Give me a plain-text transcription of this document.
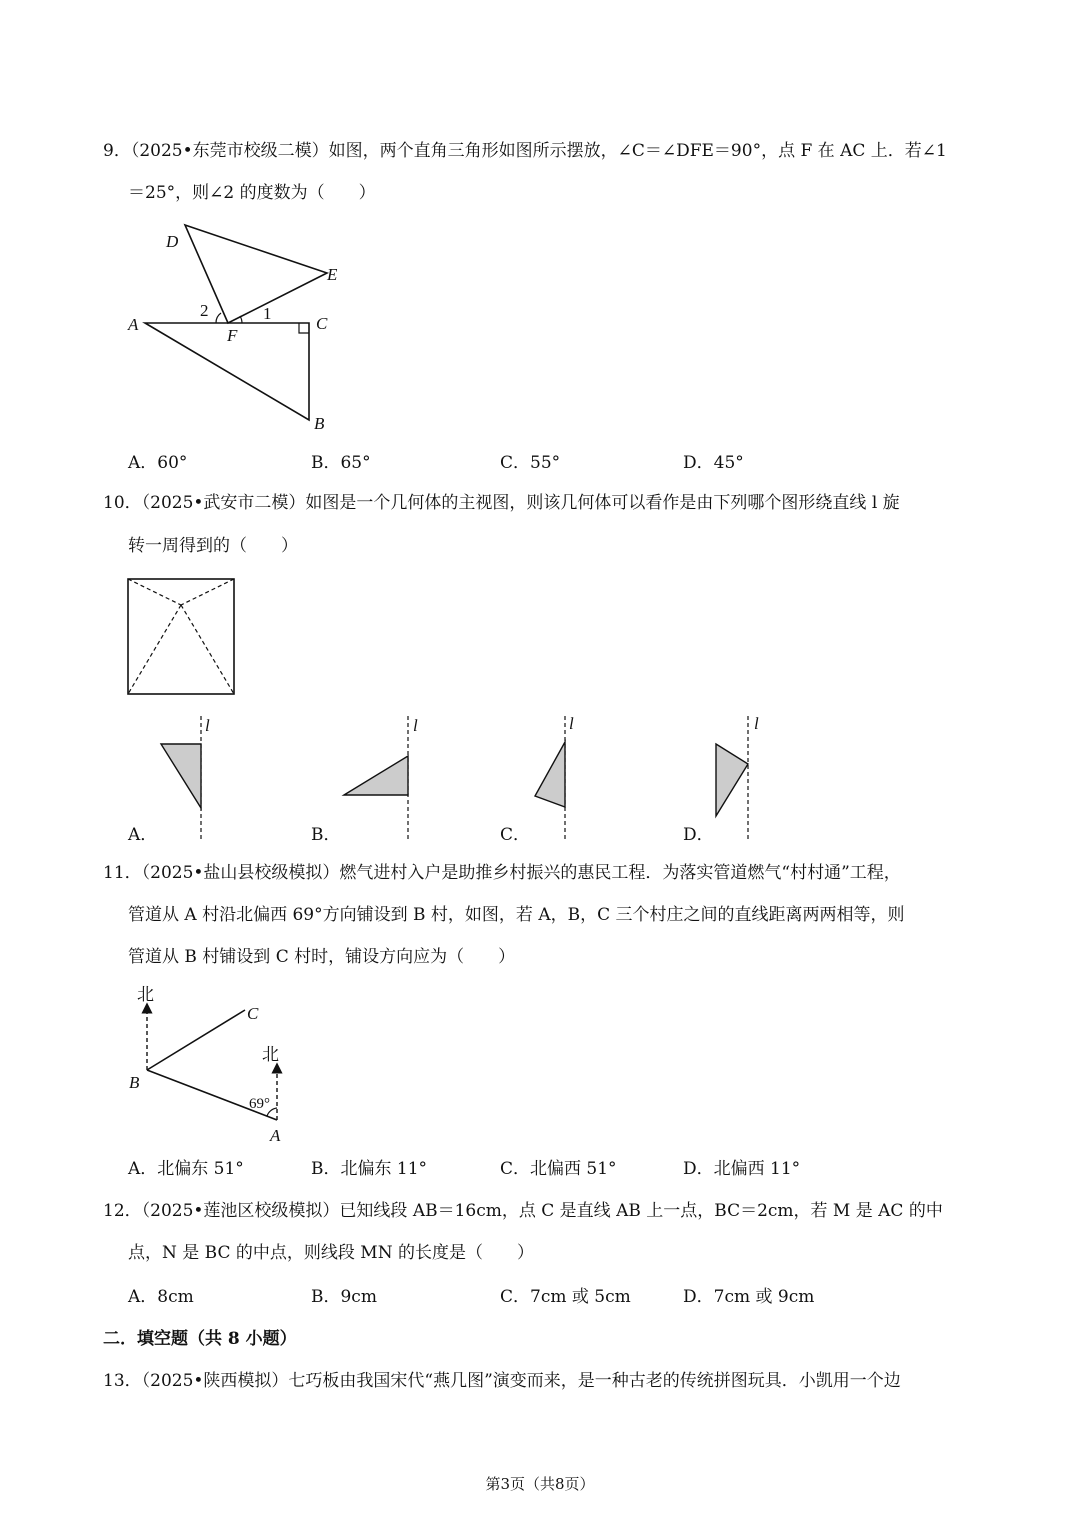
9．（2025•东莞市校级二模）如图，两个直角三角形如图所示摆放，∠C＝∠DFE＝90°，点 F 在 AC 上．若∠1
＝25°，则∠2 的度数为（　　）
D
E
A
F
C
B
1
2
A．60°	B．65°	C．55°	D．45°
10．（2025•武安市二模）如图是一个几何体的主视图，则该几何体可以看作是由下列哪个图形绕直线 l 旋
转一周得到的（　　）
l	l	l	l
A．	B．	C．	D．
11．（2025•盐山县校级模拟）燃气进村入户是助推乡村振兴的惠民工程．为落实管道燃气“村村通”工程，
管道从 A 村沿北偏西 69°方向铺设到 B 村，如图，若 A，B，C 三个村庄之间的直线距离两两相等，则
管道从 B 村铺设到 C 村时，铺设方向应为（　　）
北
北
B
C
A
69°
A．北偏东 51°	B．北偏东 11°	C．北偏西 51°	D．北偏西 11°
12．（2025•莲池区校级模拟）已知线段 AB＝16cm，点 C 是直线 AB 上一点，BC＝2cm，若 M 是 AC 的中
点，N 是 BC 的中点，则线段 MN 的长度是（　　）
A．8cm	B．9cm	C．7cm 或 5cm	D．7cm 或 9cm
二．填空题（共 8 小题）
13．（2025•陕西模拟）七巧板由我国宋代“燕几图”演变而来，是一种古老的传统拼图玩具．小凯用一个边
第3页（共8页）
